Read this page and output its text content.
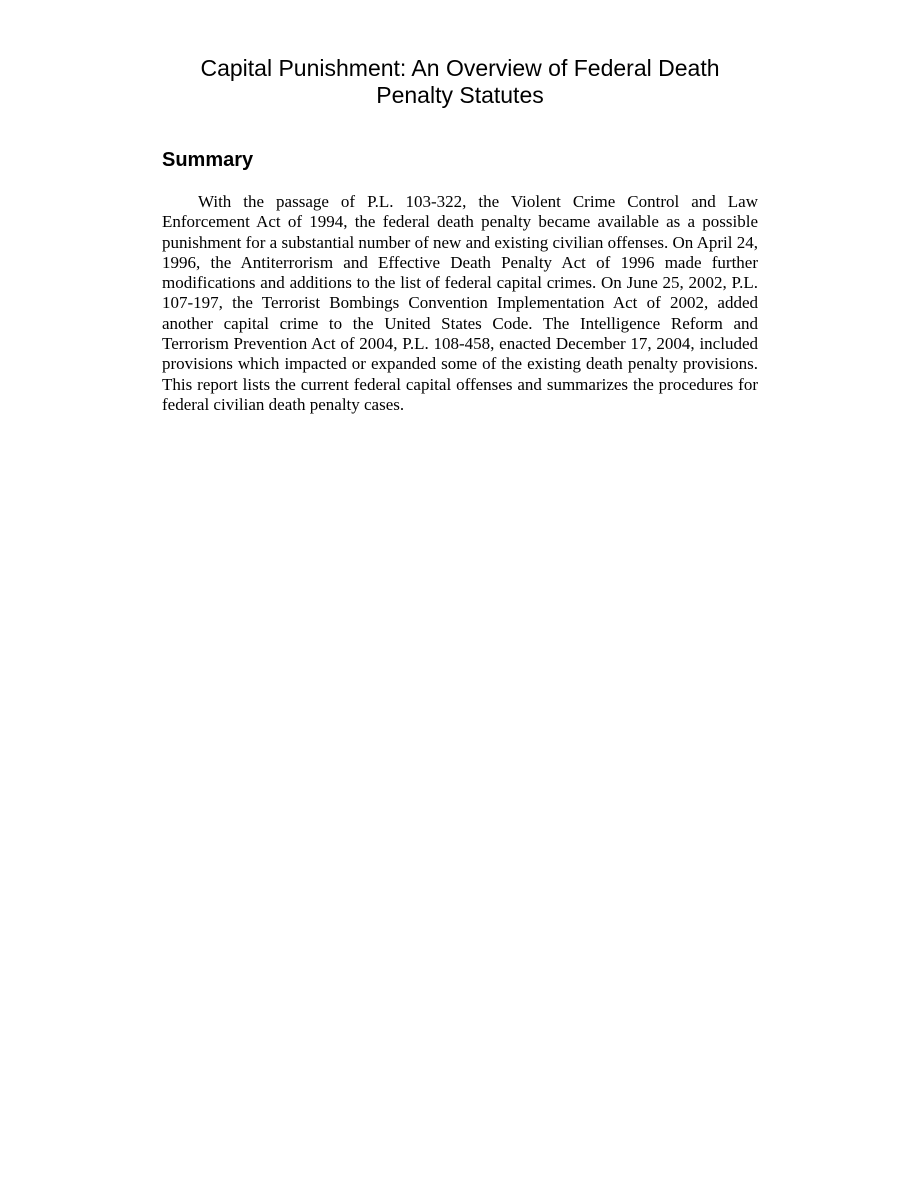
Capital Punishment: An Overview of Federal Death
Penalty Statutes
Summary

With the passage of P.L. 103-322, the Violent Crime Control and Law Enforcement Act of 1994, the federal death penalty became available as a possible punishment for a substantial number of new and existing civilian offenses. On April 24, 1996, the Antiterrorism and Effective Death Penalty Act of 1996 made further modifications and additions to the list of federal capital crimes. On June 25, 2002, P.L. 107-197, the Terrorist Bombings Convention Implementation Act of 2002, added another capital crime to the United States Code. The Intelligence Reform and Terrorism Prevention Act of 2004, P.L. 108-458, enacted December 17, 2004, included provisions which impacted or expanded some of the existing death penalty provisions. This report lists the current federal capital offenses and summarizes the procedures for federal civilian death penalty cases.
